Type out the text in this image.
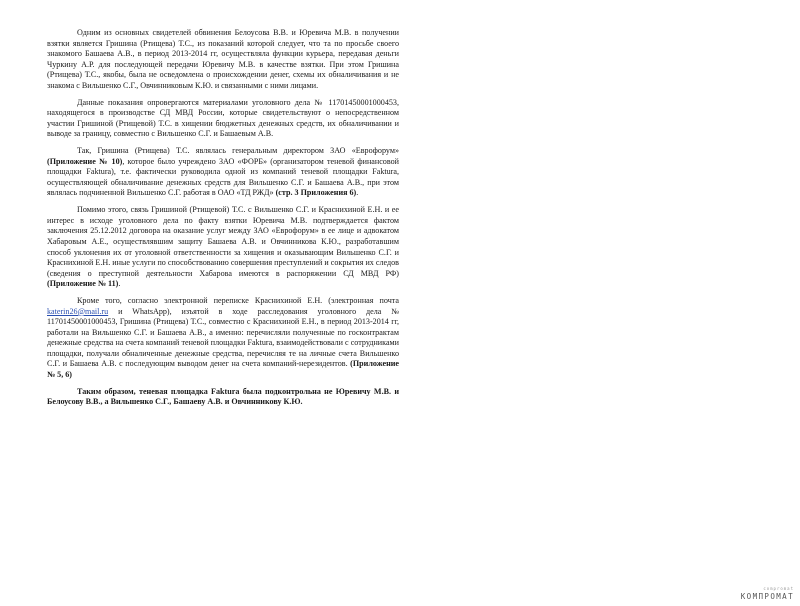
Одним из основных свидетелей обвинения Белоусова В.В. и Юревича М.В. в получении взятки является Гришина (Ртищева) Т.С., из показаний которой следует, что та по просьбе своего знакомого Башаева А.В., в период 2013-2014 гг, осуществляла функции курьера, передавая деньги Чуркину А.Р. для последующей передачи Юревичу М.В. в качестве взятки. При этом Гришина (Ртищева) Т.С., якобы, была не осведомлена о происхождении денег, схемы их обналичивания и не знакома с Вильшенко С.Г., Овчинниковым К.Ю. и связанными с ними лицами.

Данные показания опровергаются материалами уголовного дела № 11701450001000453, находящегося в производстве СД МВД России, которые свидетельствуют о непосредственном участии Гришиной (Ртищевой) Т.С. в хищении бюджетных денежных средств, их обналичивании и выводе за границу, совместно с Вильшенко С.Г. и Башаевым А.В.

Так, Гришина (Ртищева) Т.С. являлась генеральным директором ЗАО «Еврофорум» (Приложение № 10), которое было учреждено ЗАО «ФОРБ» (организатором теневой финансовой площадки Faktura), т.е. фактически руководила одной из компаний теневой площадки Faktura, осуществляющей обналичивание денежных средств для Вильшенко С.Г. и Башаева А.В., при этом являлась подчиненной Вильшенко С.Г. работая в ОАО «ТД РЖД» (стр. 3 Приложения 6).

Помимо этого, связь Гришиной (Ртищевой) Т.С. с Вильшенко С.Г. и Краснихиной Е.Н. и ее интерес в исходе уголовного дела по факту взятки Юревича М.В. подтверждается фактом заключения 25.12.2012 договора на оказание услуг между ЗАО «Еврофорум» в ее лице и адвокатом Хабаровым А.Е., осуществлявшим защиту Башаева А.В. и Овчинникова К.Ю., разработавшим способ уклонения их от уголовной ответственности за хищения и оказывающим Вильшенко С.Г. и Краснихиной Е.Н. иные услуги по способствованию совершения преступлений и сокрытия их следов (сведения о преступной деятельности Хабарова имеются в распоряжении СД МВД РФ) (Приложение № 11).

Кроме того, согласно электронной переписке Краснихиной Е.Н. (электронная почта katerin26@mail.ru и WhatsApp), изъятой в ходе расследования уголовного дела № 11701450001000453, Гришина (Ртищева) Т.С., совместно с Краснихиной Е.Н., в период 2013-2014 гг, работали на Вильшенко С.Г. и Башаева А.В., а именно: перечисляли полученные по госконтрактам денежные средства на счета компаний теневой площадки Faktura, взаимодействовали с сотрудниками площадки, получали обналиченные денежные средства, перечисляя те на личные счета Вильшенко С.Г. и Башаева А.В. с последующим выводом денег на счета компаний-нерезидентов. (Приложение № 5, 6)

Таким образом, теневая площадка Faktura была подконтрольна не Юревичу М.В. и Белоусову В.В., а Вильшенко С.Г., Башаеву А.В. и Овчинникову К.Ю.

compromat
КОМПРОМАТ
